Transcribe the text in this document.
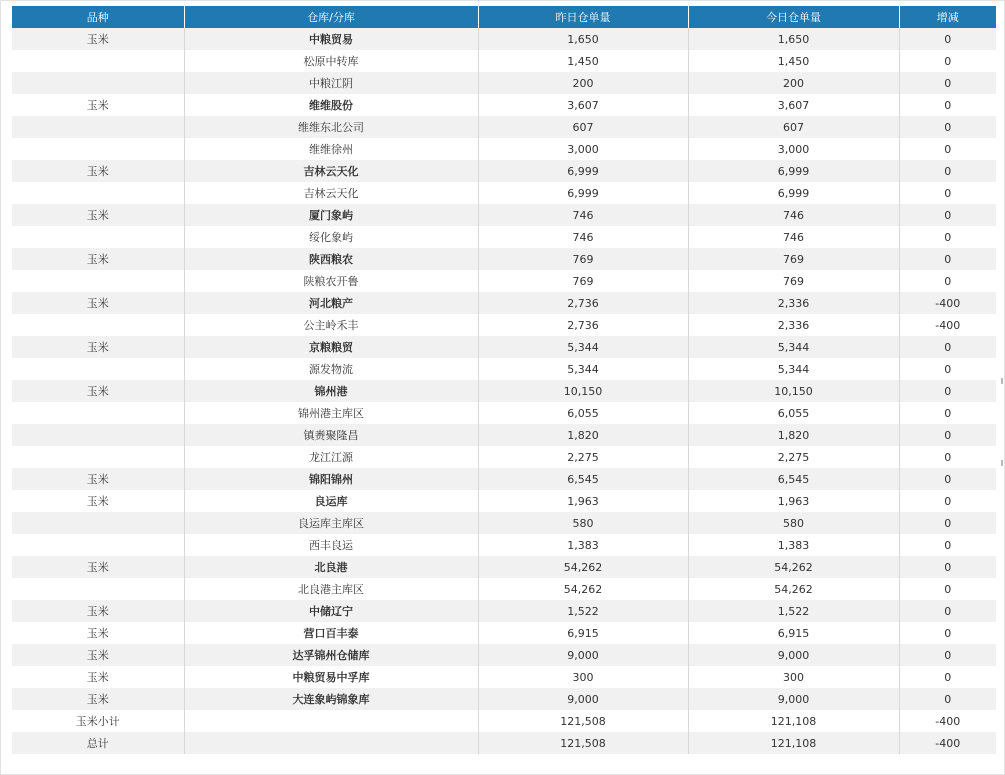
品种	仓库/分库	昨日仓单量	今日仓单量	增减
玉米	中粮贸易	1,650	1,650	0
	松原中转库	1,450	1,450	0
	中粮江阴	200	200	0
玉米	维维股份	3,607	3,607	0
	维维东北公司	607	607	0
	维维徐州	3,000	3,000	0
玉米	吉林云天化	6,999	6,999	0
	吉林云天化	6,999	6,999	0
玉米	厦门象屿	746	746	0
	绥化象屿	746	746	0
玉米	陕西粮农	769	769	0
	陕粮农开鲁	769	769	0
玉米	河北粮产	2,736	2,336	-400
	公主岭禾丰	2,736	2,336	-400
玉米	京粮粮贸	5,344	5,344	0
	源发物流	5,344	5,344	0
玉米	锦州港	10,150	10,150	0
	锦州港主库区	6,055	6,055	0
	镇赉聚隆昌	1,820	1,820	0
	龙江江源	2,275	2,275	0
玉米	锦阳锦州	6,545	6,545	0
玉米	良运库	1,963	1,963	0
	良运库主库区	580	580	0
	西丰良运	1,383	1,383	0
玉米	北良港	54,262	54,262	0
	北良港主库区	54,262	54,262	0
玉米	中储辽宁	1,522	1,522	0
玉米	营口百丰泰	6,915	6,915	0
玉米	达孚锦州仓储库	9,000	9,000	0
玉米	中粮贸易中孚库	300	300	0
玉米	大连象屿锦象库	9,000	9,000	0
玉米小计		121,508	121,108	-400
总计		121,508	121,108	-400
